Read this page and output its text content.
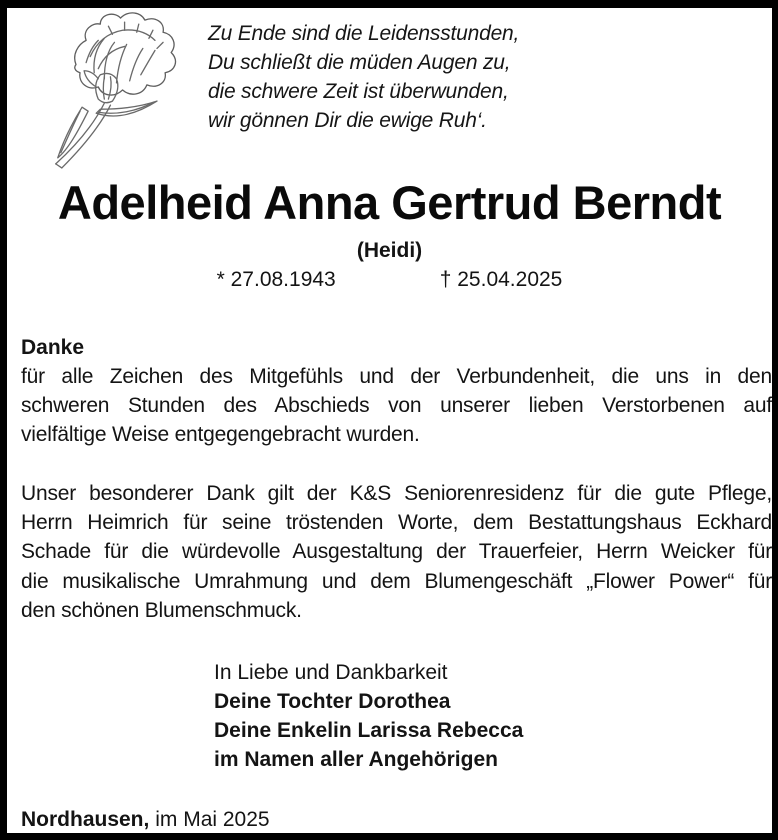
Zu Ende sind die Leidensstunden,
Du schließt die müden Augen zu,
die schwere Zeit ist überwunden,
wir gönnen Dir die ewige Ruh‘.
Adelheid Anna Gertrud Berndt
(Heidi)
* 27.08.1943	† 25.04.2025
Danke
für alle Zeichen des Mitgefühls und der Verbundenheit, die uns in den
schweren Stunden des Abschieds von unserer lieben Verstorbenen auf
vielfältige Weise entgegengebracht wurden.
Unser besonderer Dank gilt der K&S Seniorenresidenz für die gute Pflege,
Herrn Heimrich für seine tröstenden Worte, dem Bestattungshaus Eckhard
Schade für die würdevolle Ausgestaltung der Trauerfeier, Herrn Weicker für
die musikalische Umrahmung und dem Blumengeschäft „Flower Power“ für
den schönen Blumenschmuck.
In Liebe und Dankbarkeit
Deine Tochter Dorothea
Deine Enkelin Larissa Rebecca
im Namen aller Angehörigen
Nordhausen, im Mai 2025
